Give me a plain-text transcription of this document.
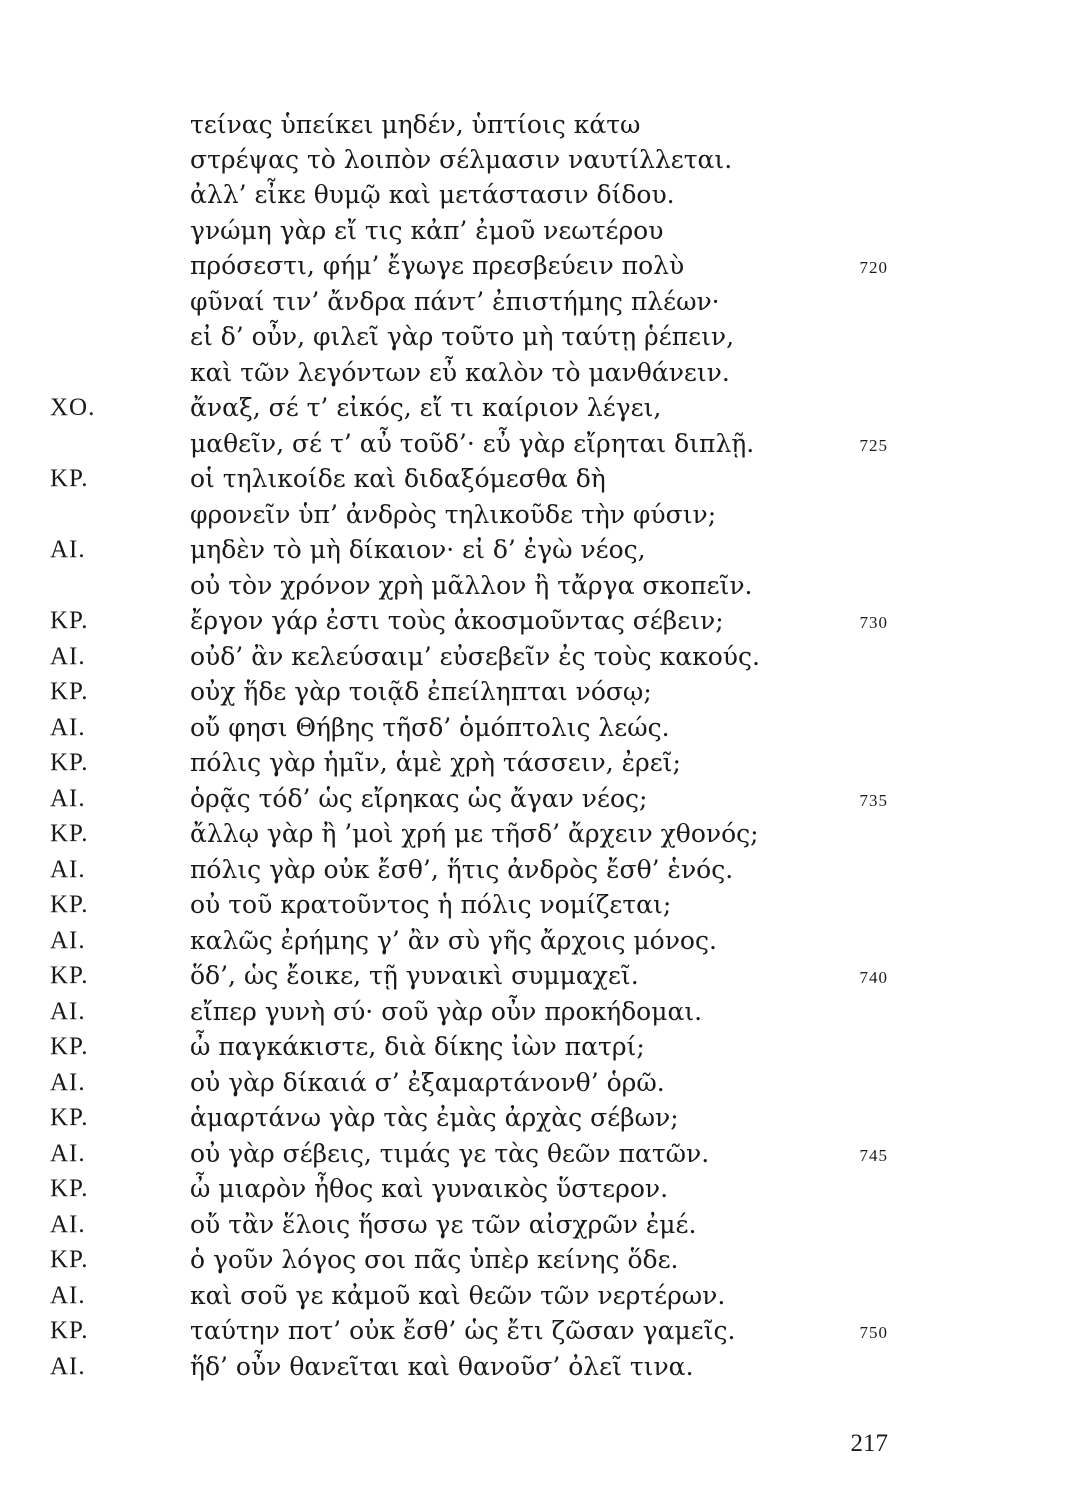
τείνας ὑπείκει μηδέν, ὑπτίοις κάτω
στρέψας τὸ λοιπὸν σέλμασιν ναυτίλλεται.
ἀλλ’ εἶκε θυμῷ καὶ μετάστασιν δίδου.
γνώμη γὰρ εἴ τις κἀπ’ ἐμοῦ νεωτέρου
πρόσεστι, φήμ’ ἔγωγε πρεσβεύειν πολὺ	720
φῦναί τιν’ ἄνδρα πάντ’ ἐπιστήμης πλέων·
εἰ δ’ οὖν, φιλεῖ γὰρ τοῦτο μὴ ταύτῃ ῥέπειν,
καὶ τῶν λεγόντων εὖ καλὸν τὸ μανθάνειν.
ΧΟ.	ἄναξ, σέ τ’ εἰκός, εἴ τι καίριον λέγει,
μαθεῖν, σέ τ’ αὖ τοῦδ’· εὖ γὰρ εἴρηται διπλῇ.	725
ΚΡ.	οἱ τηλικοίδε καὶ διδαξόμεσθα δὴ
φρονεῖν ὑπ’ ἀνδρὸς τηλικοῦδε τὴν φύσιν;
ΑΙ.	μηδὲν τὸ μὴ δίκαιον· εἰ δ’ ἐγὼ νέος,
οὐ τὸν χρόνον χρὴ μᾶλλον ἢ τἄργα σκοπεῖν.
ΚΡ.	ἔργον γάρ ἐστι τοὺς ἀκοσμοῦντας σέβειν;	730
ΑΙ.	οὐδ’ ἂν κελεύσαιμ’ εὐσεβεῖν ἐς τοὺς κακούς.
ΚΡ.	οὐχ ἥδε γὰρ τοιᾷδ ἐπείληπται νόσῳ;
ΑΙ.	οὔ φησι Θήβης τῆσδ’ ὁμόπτολις λεώς.
ΚΡ.	πόλις γὰρ ἡμῖν, ἁμὲ χρὴ τάσσειν, ἐρεῖ;
ΑΙ.	ὁρᾷς τόδ’ ὡς εἴρηκας ὡς ἄγαν νέος;	735
ΚΡ.	ἄλλῳ γὰρ ἢ ’μοὶ χρή με τῆσδ’ ἄρχειν χθονός;
ΑΙ.	πόλις γὰρ οὐκ ἔσθ’, ἥτις ἀνδρὸς ἔσθ’ ἑνός.
ΚΡ.	οὐ τοῦ κρατοῦντος ἡ πόλις νομίζεται;
ΑΙ.	καλῶς ἐρήμης γ’ ἂν σὺ γῆς ἄρχοις μόνος.
ΚΡ.	ὅδ’, ὡς ἔοικε, τῇ γυναικὶ συμμαχεῖ.	740
ΑΙ.	εἴπερ γυνὴ σύ· σοῦ γὰρ οὖν προκήδομαι.
ΚΡ.	ὦ παγκάκιστε, διὰ δίκης ἰὼν πατρί;
ΑΙ.	οὐ γὰρ δίκαιά σ’ ἐξαμαρτάνονθ’ ὁρῶ.
ΚΡ.	ἁμαρτάνω γὰρ τὰς ἐμὰς ἀρχὰς σέβων;
ΑΙ.	οὐ γὰρ σέβεις, τιμάς γε τὰς θεῶν πατῶν.	745
ΚΡ.	ὦ μιαρὸν ἦθος καὶ γυναικὸς ὕστερον.
ΑΙ.	οὔ τἂν ἕλοις ἥσσω γε τῶν αἰσχρῶν ἐμέ.
ΚΡ.	ὁ γοῦν λόγος σοι πᾶς ὑπὲρ κείνης ὅδε.
ΑΙ.	καὶ σοῦ γε κἀμοῦ καὶ θεῶν τῶν νερτέρων.
ΚΡ.	ταύτην ποτ’ οὐκ ἔσθ’ ὡς ἔτι ζῶσαν γαμεῖς.	750
ΑΙ.	ἥδ’ οὖν θανεῖται καὶ θανοῦσ’ ὀλεῖ τινα.
217
